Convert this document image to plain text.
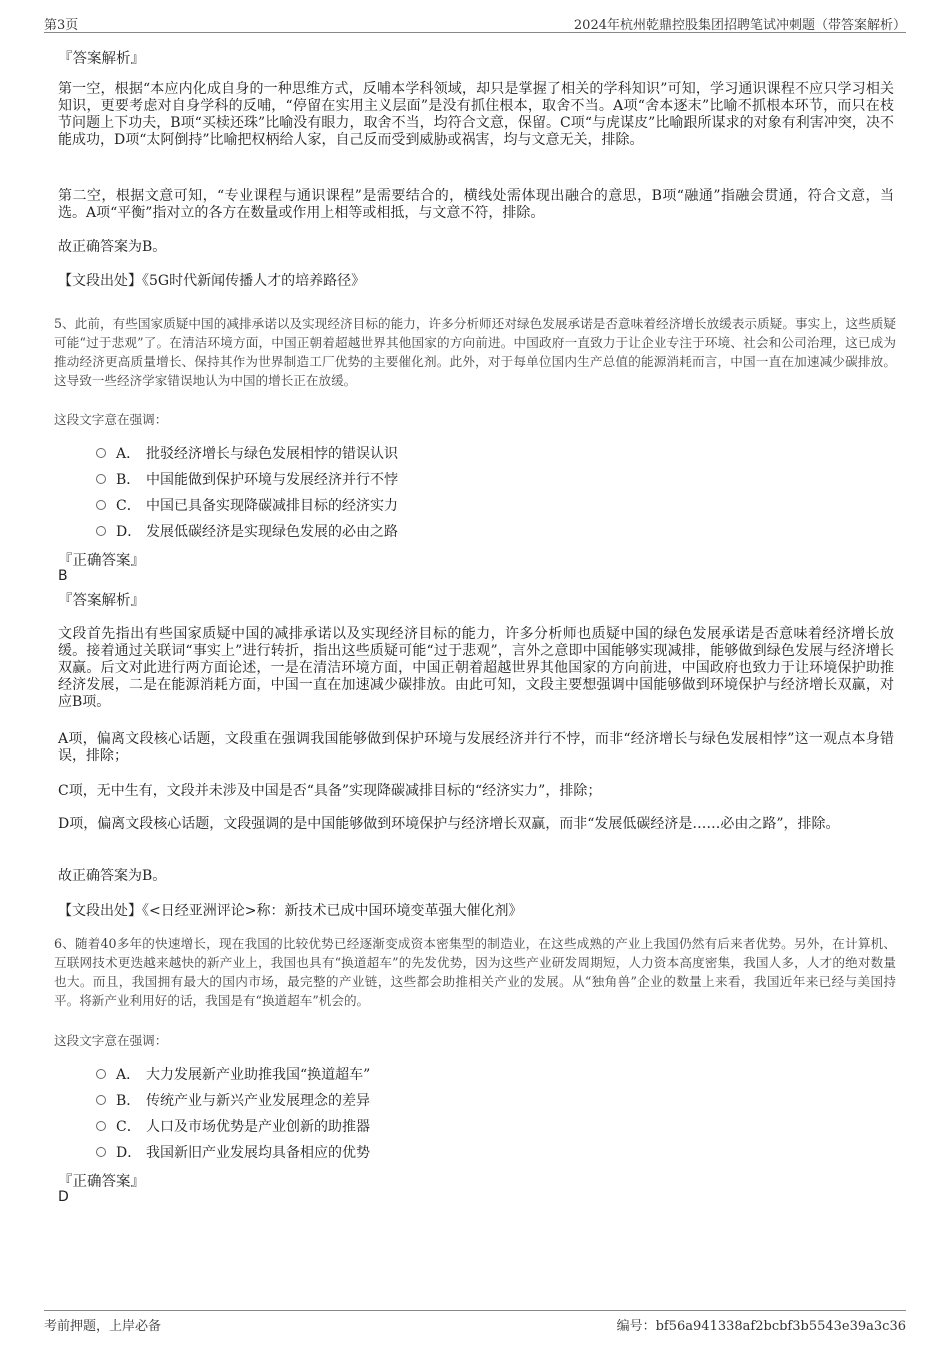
第3页	2024年杭州乾鼎控股集团招聘笔试冲刺题（带答案解析）
『答案解析』

第一空，根据“本应内化成自身的一种思维方式，反哺本学科领域，却只是掌握了相关的学科知识”可知，学习通识课程不应只学习相关知识，更要考虑对自身学科的反哺，“停留在实用主义层面”是没有抓住根本，取舍不当。A项“舍本逐末”比喻不抓根本环节，而只在枝节问题上下功夫，B项“买椟还珠”比喻没有眼力，取舍不当，均符合文意，保留。C项“与虎谋皮”比喻跟所谋求的对象有利害冲突，决不能成功，D项“太阿倒持”比喻把权柄给人家，自己反而受到威胁或祸害，均与文意无关，排除。

第二空，根据文意可知，“专业课程与通识课程”是需要结合的，横线处需体现出融合的意思，B项“融通”指融会贯通，符合文意，当选。A项“平衡”指对立的各方在数量或作用上相等或相抵，与文意不符，排除。

故正确答案为B。
【文段出处】《5G时代新闻传播人才的培养路径》

5、此前，有些国家质疑中国的减排承诺以及实现经济目标的能力，许多分析师还对绿色发展承诺是否意味着经济增长放缓表示质疑。事实上，这些质疑可能“过于悲观”了。在清洁环境方面，中国正朝着超越世界其他国家的方向前进。中国政府一直致力于让企业专注于环境、社会和公司治理，这已成为推动经济更高质量增长、保持其作为世界制造工厂优势的主要催化剂。此外，对于每单位国内生产总值的能源消耗而言，中国一直在加速减少碳排放。这导致一些经济学家错误地认为中国的增长正在放缓。

这段文字意在强调：
A． 批驳经济增长与绿色发展相悖的错误认识
B． 中国能做到保护环境与发展经济并行不悖
C． 中国已具备实现降碳减排目标的经济实力
D． 发展低碳经济是实现绿色发展的必由之路
『正确答案』
B
『答案解析』

文段首先指出有些国家质疑中国的减排承诺以及实现经济目标的能力，许多分析师也质疑中国的绿色发展承诺是否意味着经济增长放缓。接着通过关联词“事实上”进行转折，指出这些质疑可能“过于悲观”，言外之意即中国能够实现减排，能够做到绿色发展与经济增长双赢。后文对此进行两方面论述，一是在清洁环境方面，中国正朝着超越世界其他国家的方向前进，中国政府也致力于让环境保护助推经济发展，二是在能源消耗方面，中国一直在加速减少碳排放。由此可知，文段主要想强调中国能够做到环境保护与经济增长双赢，对应B项。

A项，偏离文段核心话题，文段重在强调我国能够做到保护环境与发展经济并行不悖，而非“经济增长与绿色发展相悖”这一观点本身错误，排除；

C项，无中生有，文段并未涉及中国是否“具备”实现降碳减排目标的“经济实力”，排除；

D项，偏离文段核心话题，文段强调的是中国能够做到环境保护与经济增长双赢，而非“发展低碳经济是……必由之路”，排除。

故正确答案为B。
【文段出处】《<日经亚洲评论>称：新技术已成中国环境变革强大催化剂》

6、随着40多年的快速增长，现在我国的比较优势已经逐渐变成资本密集型的制造业，在这些成熟的产业上我国仍然有后来者优势。另外，在计算机、互联网技术更迭越来越快的新产业上，我国也具有“换道超车”的先发优势，因为这些产业研发周期短，人力资本高度密集，我国人多，人才的绝对数量也大。而且，我国拥有最大的国内市场，最完整的产业链，这些都会助推相关产业的发展。从“独角兽”企业的数量上来看，我国近年来已经与美国持平。将新产业利用好的话，我国是有“换道超车”机会的。

这段文字意在强调：
A． 大力发展新产业助推我国“换道超车”
B． 传统产业与新兴产业发展理念的差异
C． 人口及市场优势是产业创新的助推器
D． 我国新旧产业发展均具备相应的优势
『正确答案』
D
考前押题，上岸必备	编号：bf56a941338af2bcbf3b5543e39a3c36
